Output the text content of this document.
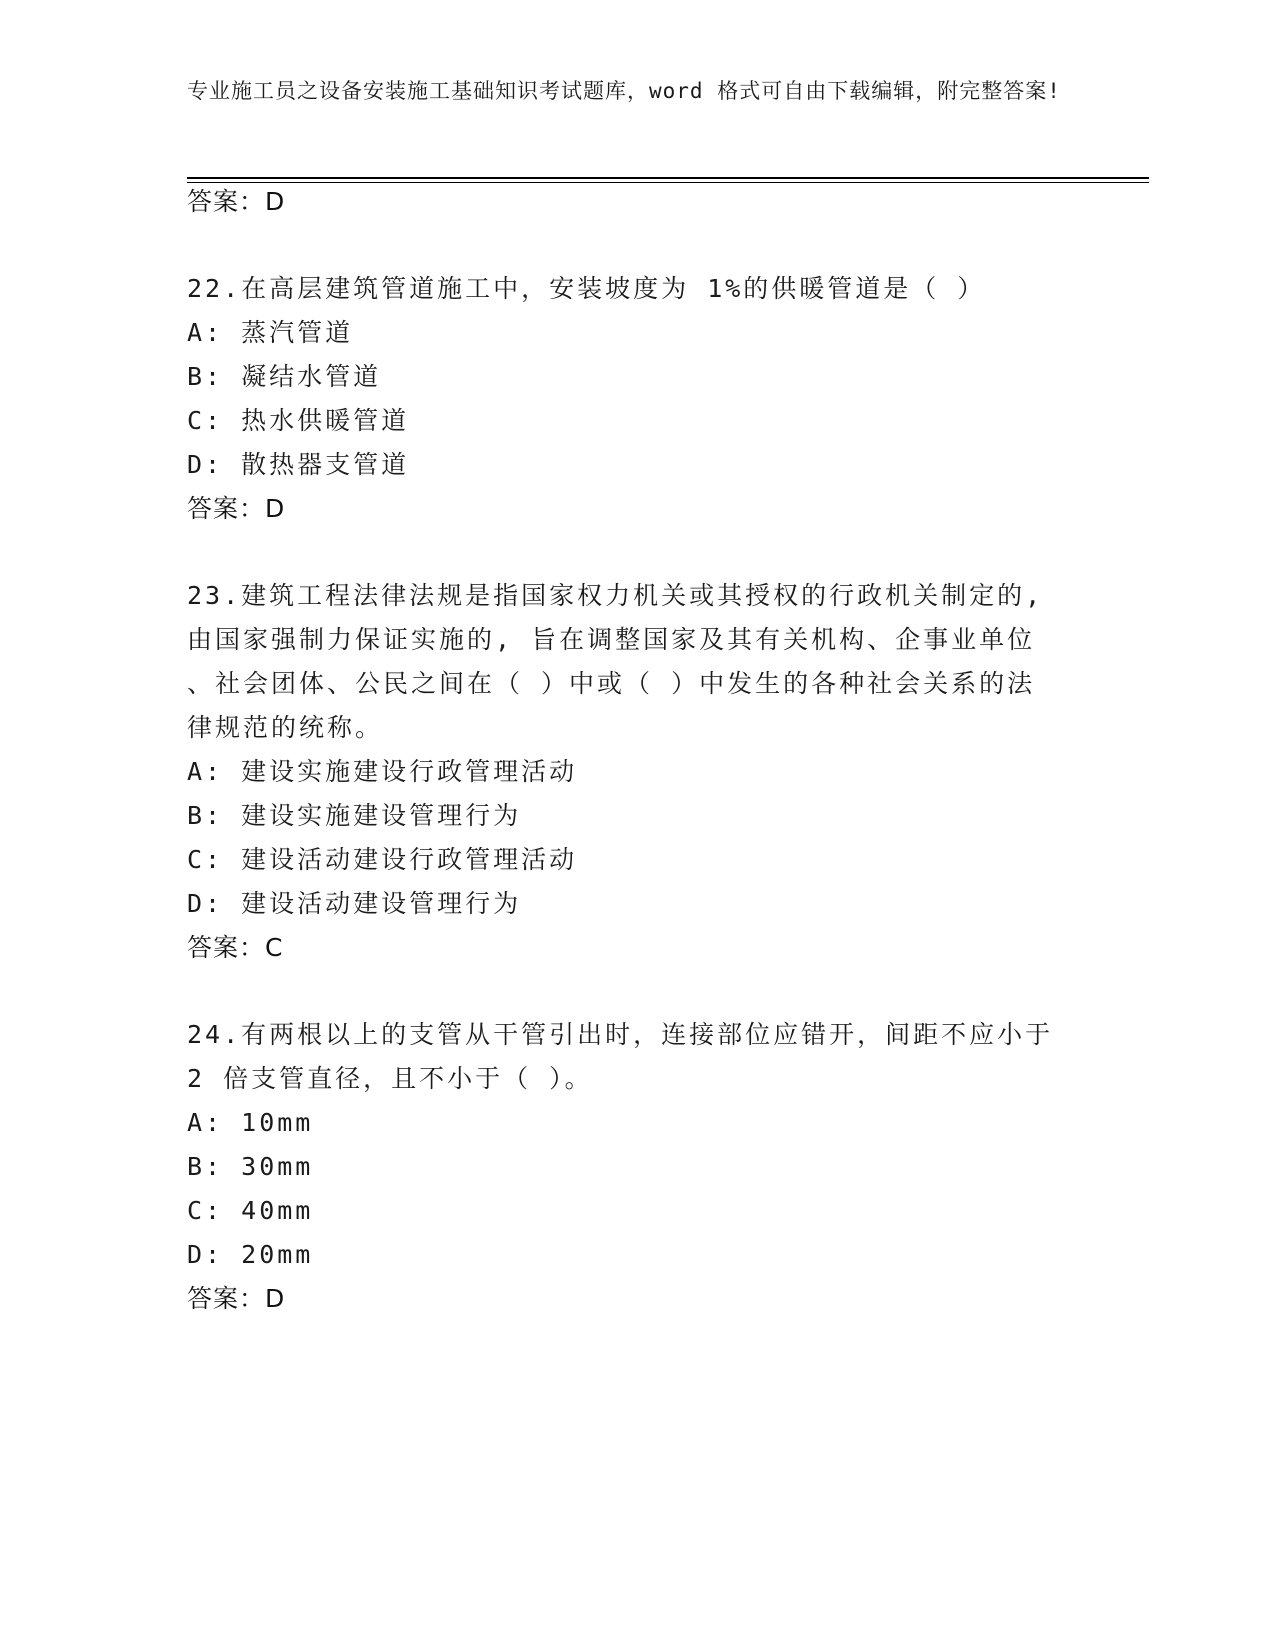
专业施工员之设备安装施工基础知识考试题库，word 格式可自由下载编辑，附完整答案!
答案：D
22.在高层建筑管道施工中，安装坡度为 1%的供暖管道是（ ）
A: 蒸汽管道
B: 凝结水管道
C: 热水供暖管道
D: 散热器支管道
答案：D
23.建筑工程法律法规是指国家权力机关或其授权的行政机关制定的,
由国家强制力保证实施的, 旨在调整国家及其有关机构、企事业单位
、社会团体、公民之间在（ ）中或（ ）中发生的各种社会关系的法
律规范的统称。
A: 建设实施建设行政管理活动
B: 建设实施建设管理行为
C: 建设活动建设行政管理活动
D: 建设活动建设管理行为
答案：C
24.有两根以上的支管从干管引出时，连接部位应错开，间距不应小于
2 倍支管直径，且不小于（ ）。
A: 10mm
B: 30mm
C: 40mm
D: 20mm
答案：D
